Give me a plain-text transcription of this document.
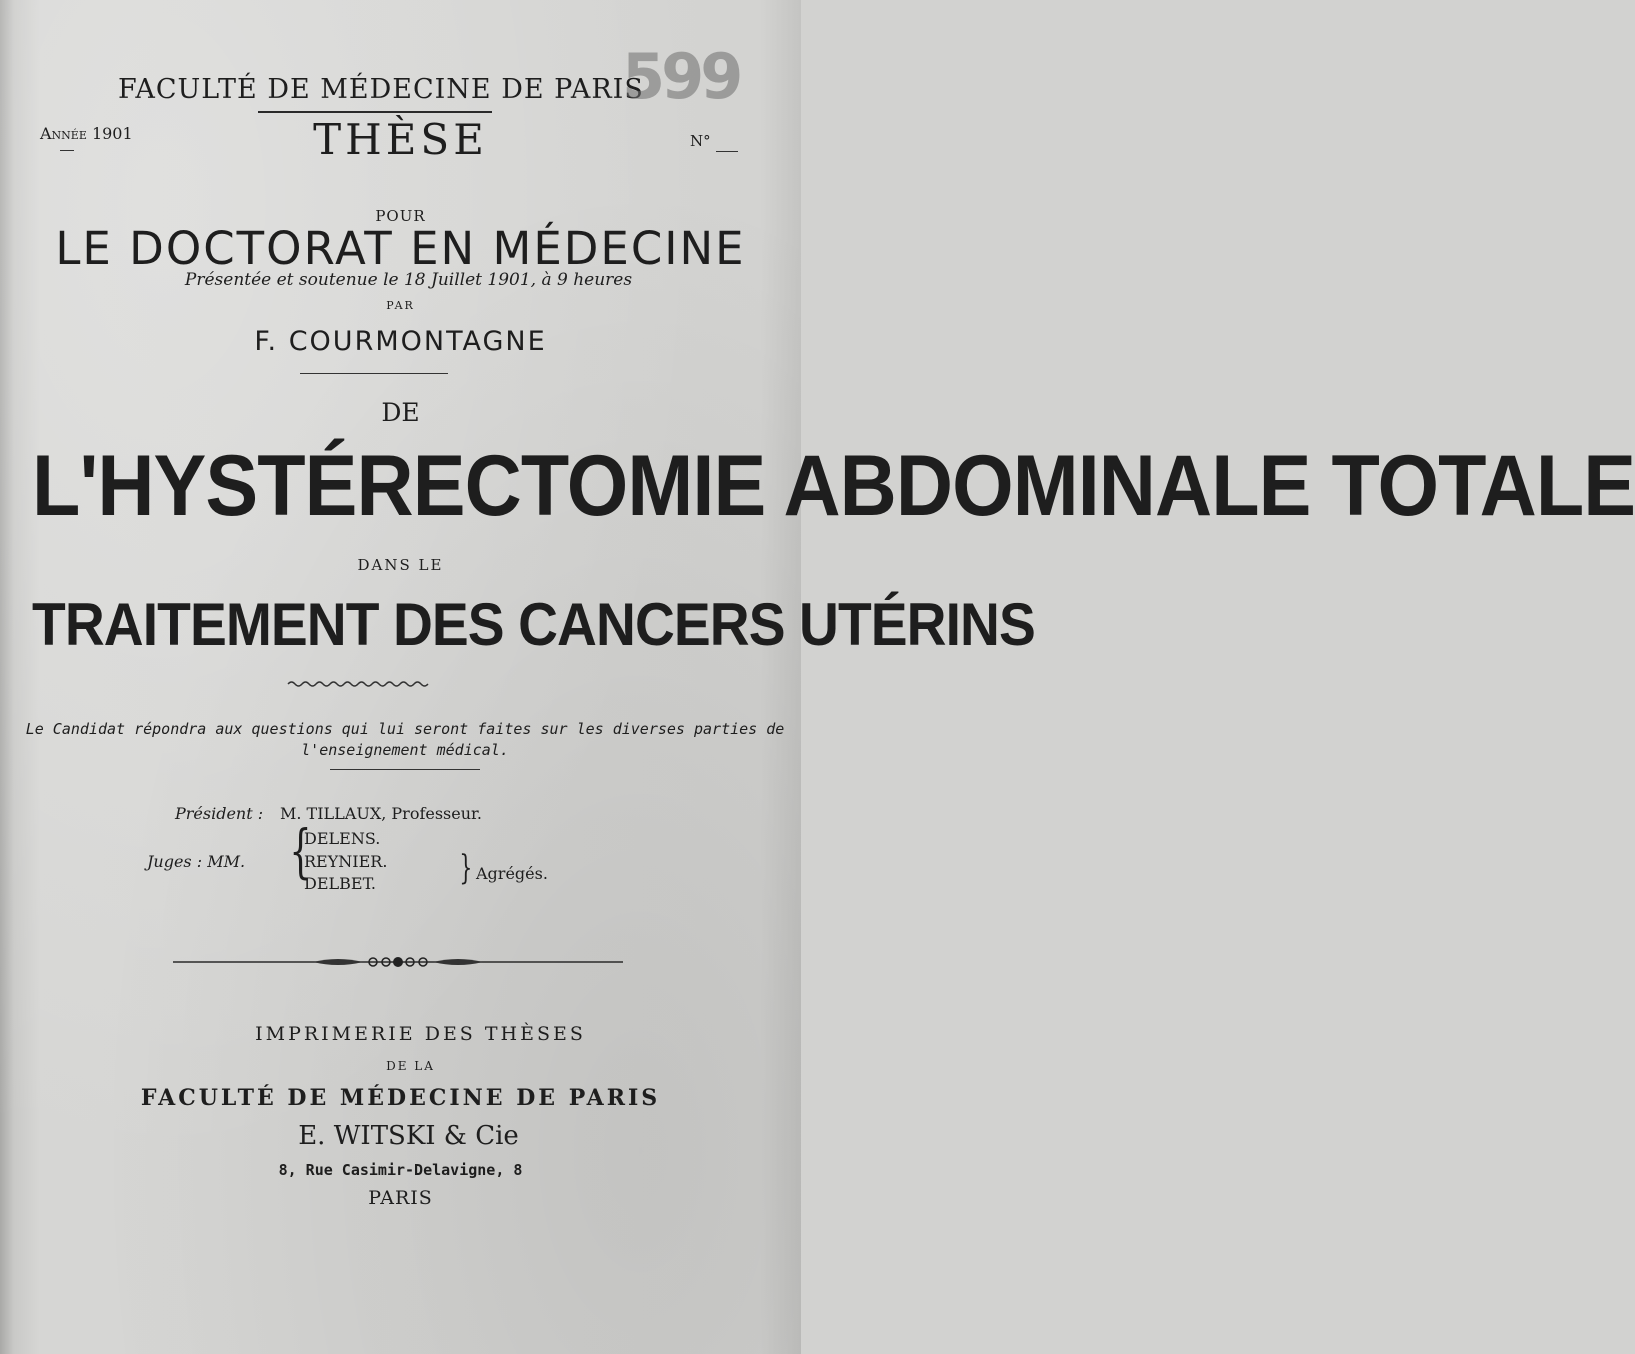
FACULTÉ DE MÉDECINE DE PARIS
599
Année 1901	THÈSE	N°
POUR
LE DOCTORAT EN MÉDECINE
Présentée et soutenue le 18 Juillet 1901, à 9 heures
PAR
F. COURMONTAGNE
DE
L'HYSTÉRECTOMIE ABDOMINALE TOTALE
DANS LE
TRAITEMENT DES CANCERS UTÉRINS
Le Candidat répondra aux questions qui lui seront faites sur les diverses parties de l'enseignement médical.
Président : M. TILLAUX, Professeur.
Juges : MM. {
DELENS.
REYNIER.
DELBET. } Agrégés.
IMPRIMERIE DES THÈSES
DE LA
FACULTÉ DE MÉDECINE DE PARIS
E. WITSKI & Cie
8, Rue Casimir-Delavigne, 8
PARIS
